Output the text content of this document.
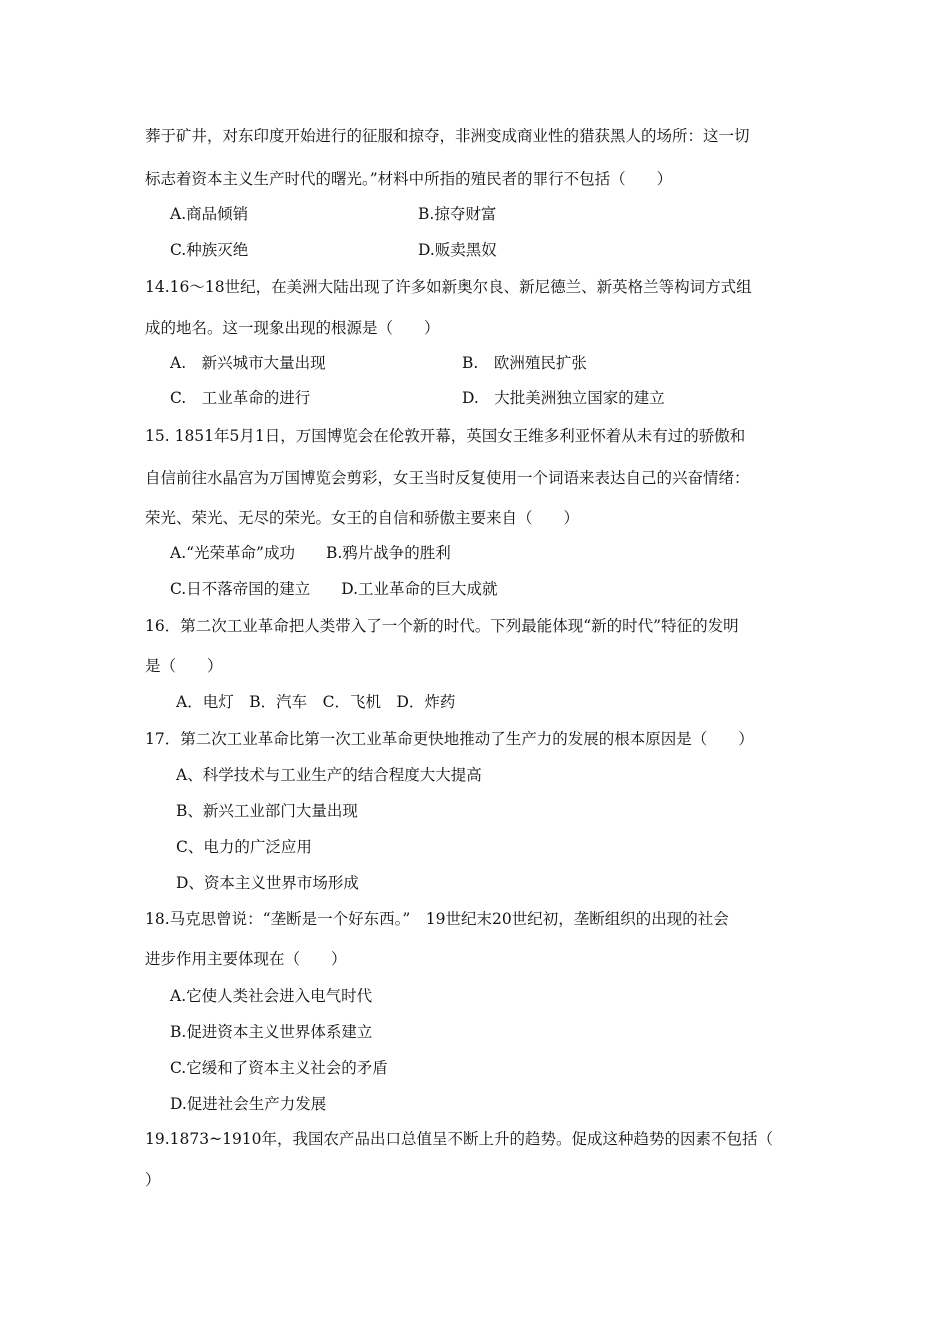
葬于矿井，对东印度开始进行的征服和掠夺，非洲变成商业性的猎获黑人的场所：这一切

标志着资本主义生产时代的曙光。”材料中所指的殖民者的罪行不包括（　　）

A.商品倾销	B.掠夺财富

C.种族灭绝	D.贩卖黑奴

14.16～18世纪，在美洲大陆出现了许多如新奥尔良、新尼德兰、新英格兰等构词方式组

成的地名。这一现象出现的根源是（　　）

A.　新兴城市大量出现	B.　欧洲殖民扩张

C.　工业革命的进行	D.　大批美洲独立国家的建立

15. 1851年5月1日，万国博览会在伦敦开幕，英国女王维多利亚怀着从未有过的骄傲和

自信前往水晶宫为万国博览会剪彩，女王当时反复使用一个词语来表达自己的兴奋情绪：

荣光、荣光、无尽的荣光。女王的自信和骄傲主要来自（　　）

A.“光荣革命”成功　　B.鸦片战争的胜利

C.日不落帝国的建立　　D.工业革命的巨大成就

16．第二次工业革命把人类带入了一个新的时代。下列最能体现“新的时代”特征的发明

是（　　）

A．电灯　B．汽车　C．飞机　D．炸药

17．第二次工业革命比第一次工业革命更快地推动了生产力的发展的根本原因是（　　）

A、科学技术与工业生产的结合程度大大提高

B、新兴工业部门大量出现

C、电力的广泛应用

D、资本主义世界市场形成

18.马克思曾说：“垄断是一个好东西。”　19世纪末20世纪初，垄断组织的出现的社会

进步作用主要体现在（　　）

A.它使人类社会进入电气时代

B.促进资本主义世界体系建立

C.它缓和了资本主义社会的矛盾

D.促进社会生产力发展

19.1873~1910年，我国农产品出口总值呈不断上升的趋势。促成这种趋势的因素不包括（

）
